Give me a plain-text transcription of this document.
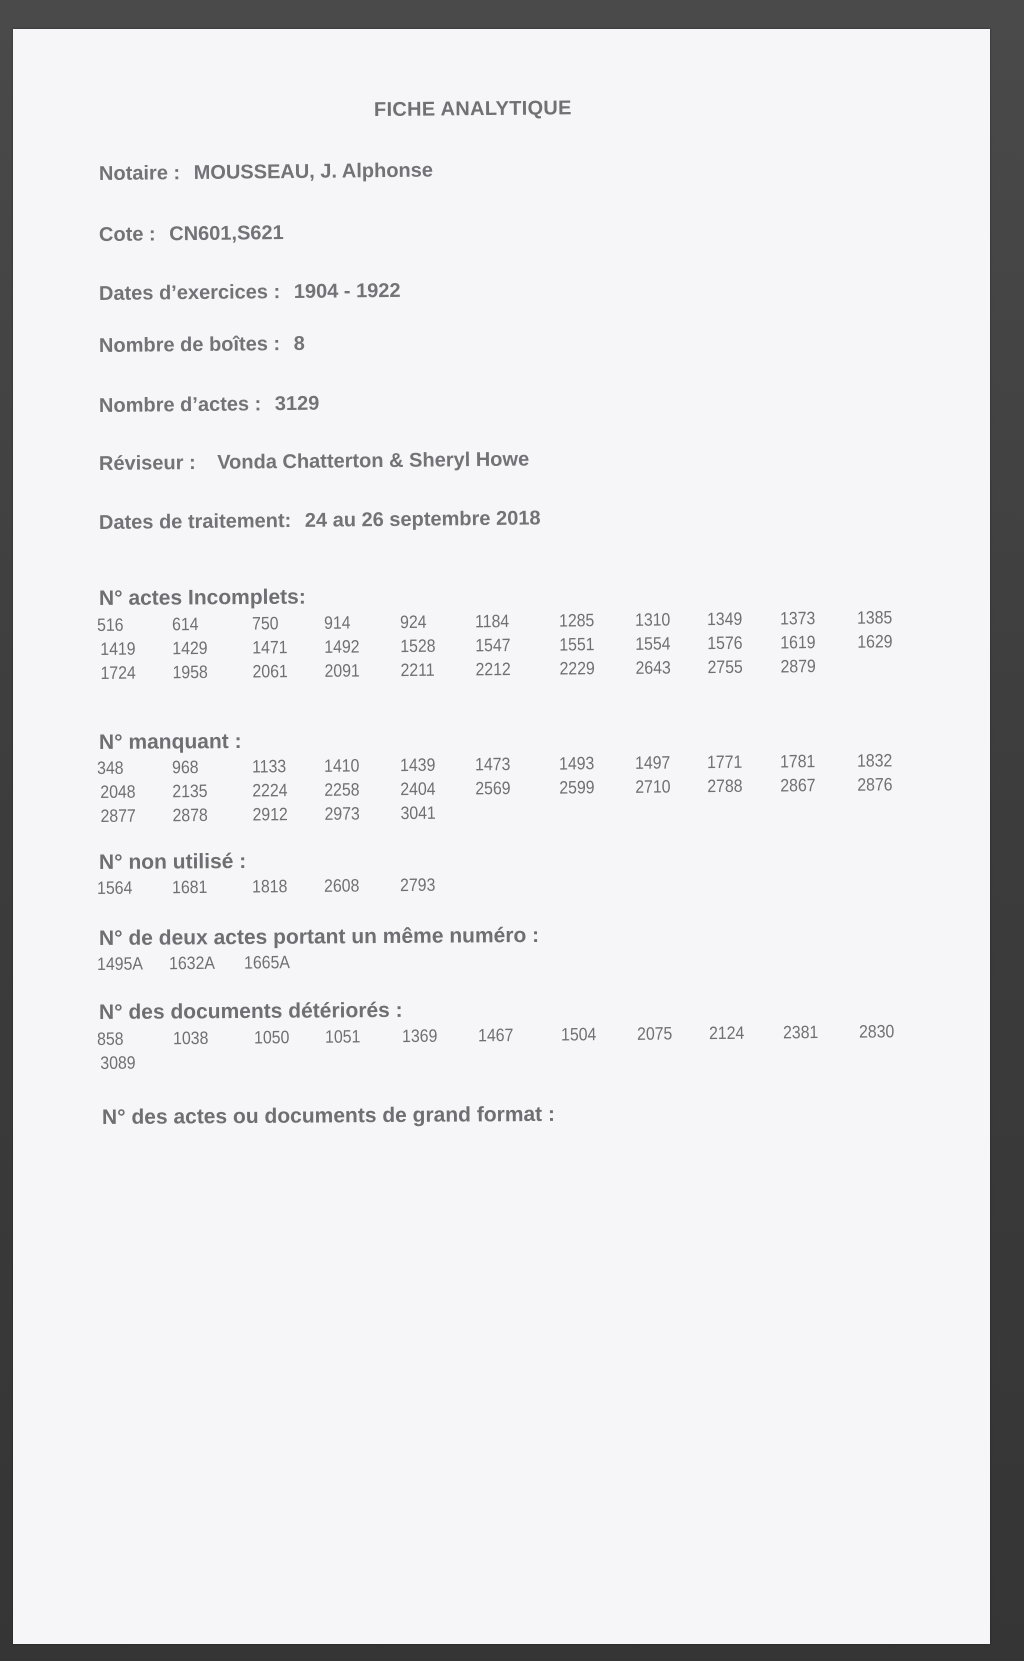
FICHE ANALYTIQUE
Notaire : MOUSSEAU, J. Alphonse
Cote : CN601,S621
Dates d’exercices : 1904 - 1922
Nombre de boîtes : 8
Nombre d’actes : 3129
Réviseur : Vonda Chatterton & Sheryl Howe
Dates de traitement: 24 au 26 septembre 2018
N° actes Incomplets:
516	614	750	914	924	1184	1285 1310 1349 1373 1385
1419 1429 1471 1492 1528 1547	1551 1554 1576 1619 1629
1724 1958 2061 2091 2211 2212	2229 2643 2755 2879
N° manquant :
348	968	1133 1410 1439 1473	1493 1497 1771 1781 1832
2048 2135 2224 2258 2404 2569	2599 2710 2788 2867 2876
2877 2878 2912 2973 3041
N° non utilisé :
1564 1681 1818 2608 2793
N° de deux actes portant un même numéro :
1495A 1632A 1665A
N° des documents détériorés :
858	1038	1050 1051 1369 1467	1504 2075 2124 2381 2830
3089
N° des actes ou documents de grand format :
